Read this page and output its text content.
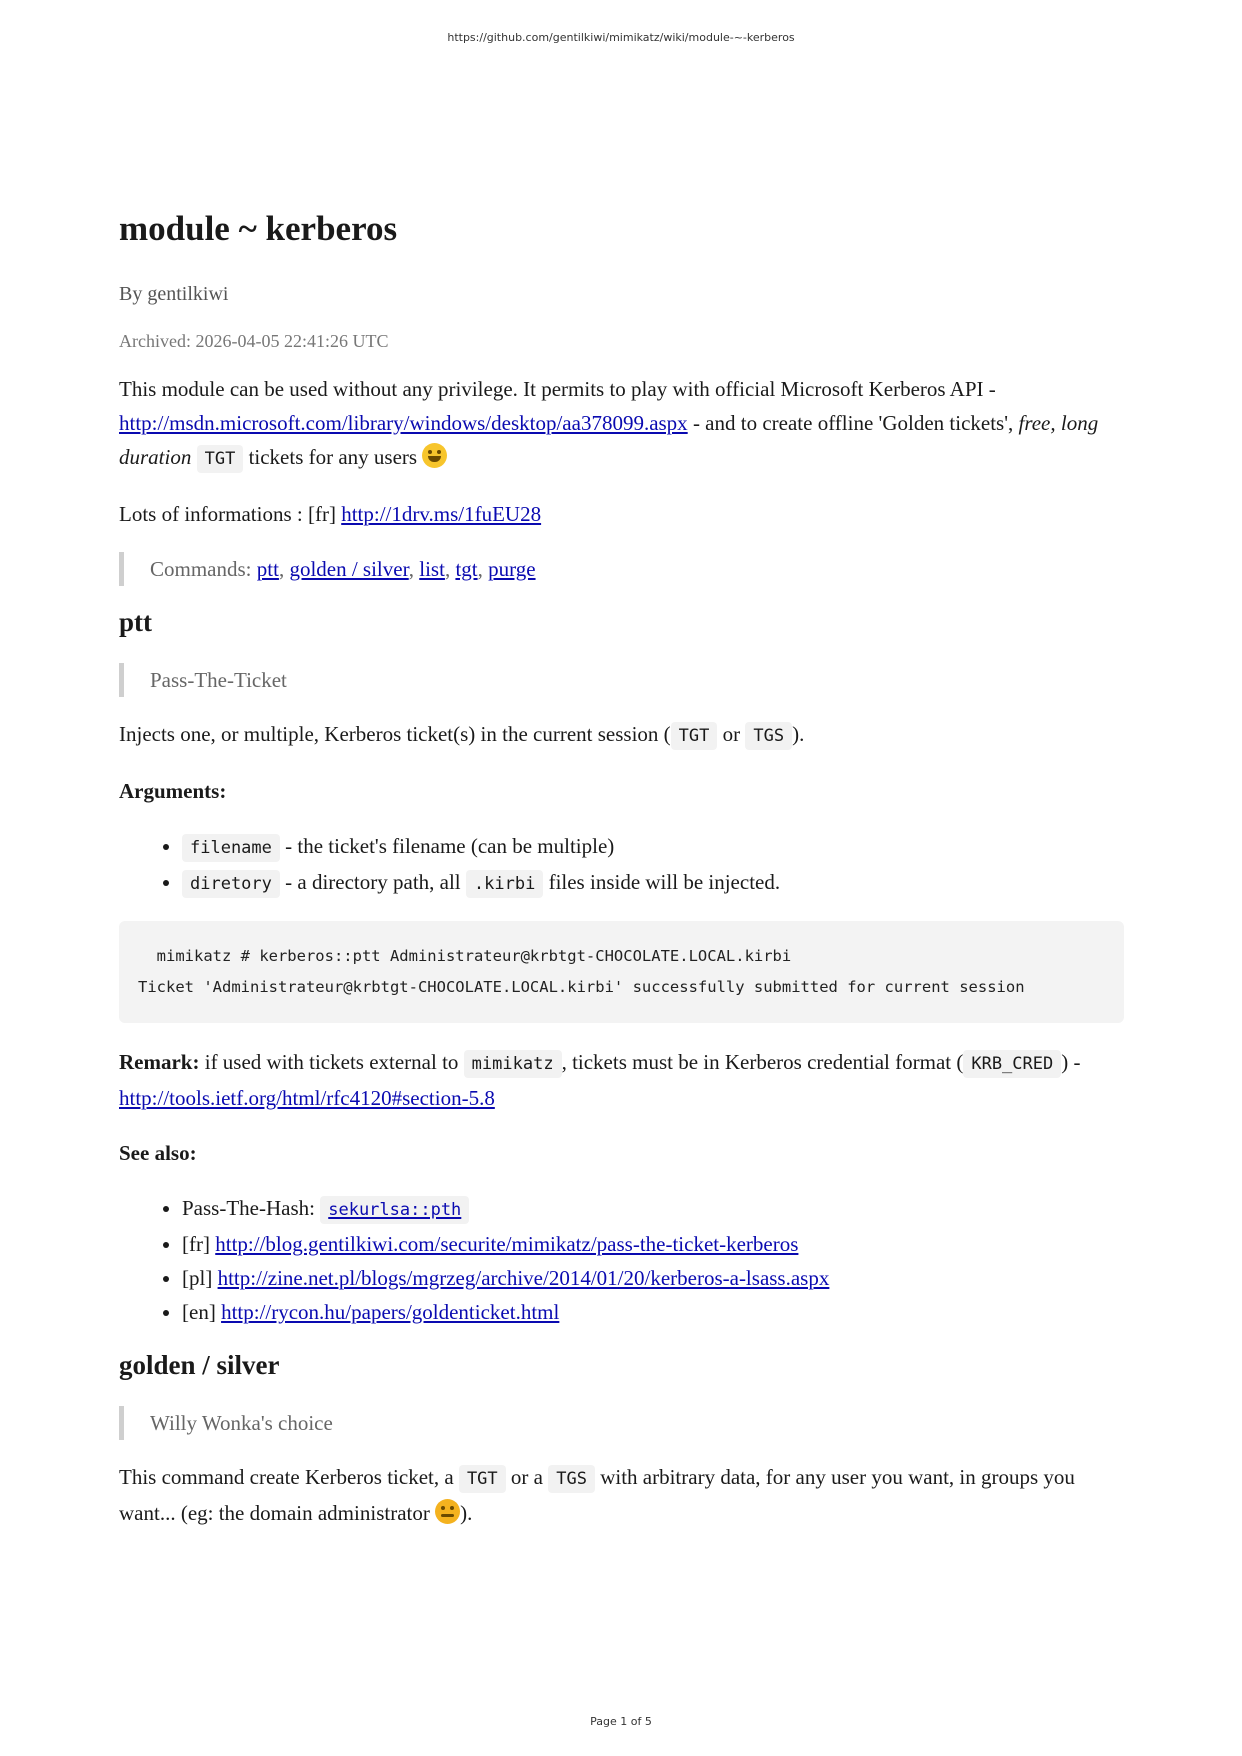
https://github.com/gentilkiwi/mimikatz/wiki/module-~-kerberos
module ~ kerberos
By gentilkiwi
Archived: 2026-04-05 22:41:26 UTC

This module can be used without any privilege. It permits to play with official Microsoft Kerberos API -
http://msdn.microsoft.com/library/windows/desktop/aa378099.aspx - and to create offline 'Golden tickets', free, long duration TGT tickets for any users

Lots of informations : [fr] http://1drv.ms/1fuEU28

Commands: ptt, golden / silver, list, tgt, purge
ptt
Pass-The-Ticket

Injects one, or multiple, Kerberos ticket(s) in the current session ( TGT or TGS ).

Arguments:

• filename - the ticket's filename (can be multiple)
• diretory - a directory path, all .kirbi files inside will be injected.
mimikatz # kerberos::ptt Administrateur@krbtgt-CHOCOLATE.LOCAL.kirbi
Ticket 'Administrateur@krbtgt-CHOCOLATE.LOCAL.kirbi' successfully submitted for current session

Remark: if used with tickets external to mimikatz , tickets must be in Kerberos credential format ( KRB_CRED ) -
http://tools.ietf.org/html/rfc4120#section-5.8

See also:

• Pass-The-Hash: sekurlsa::pth
• [fr] http://blog.gentilkiwi.com/securite/mimikatz/pass-the-ticket-kerberos
• [pl] http://zine.net.pl/blogs/mgrzeg/archive/2014/01/20/kerberos-a-lsass.aspx
• [en] http://rycon.hu/papers/goldenticket.html
golden / silver
Willy Wonka's choice

This command create Kerberos ticket, a TGT or a TGS with arbitrary data, for any user you want, in groups you want... (eg: the domain administrator ).

Page 1 of 5
